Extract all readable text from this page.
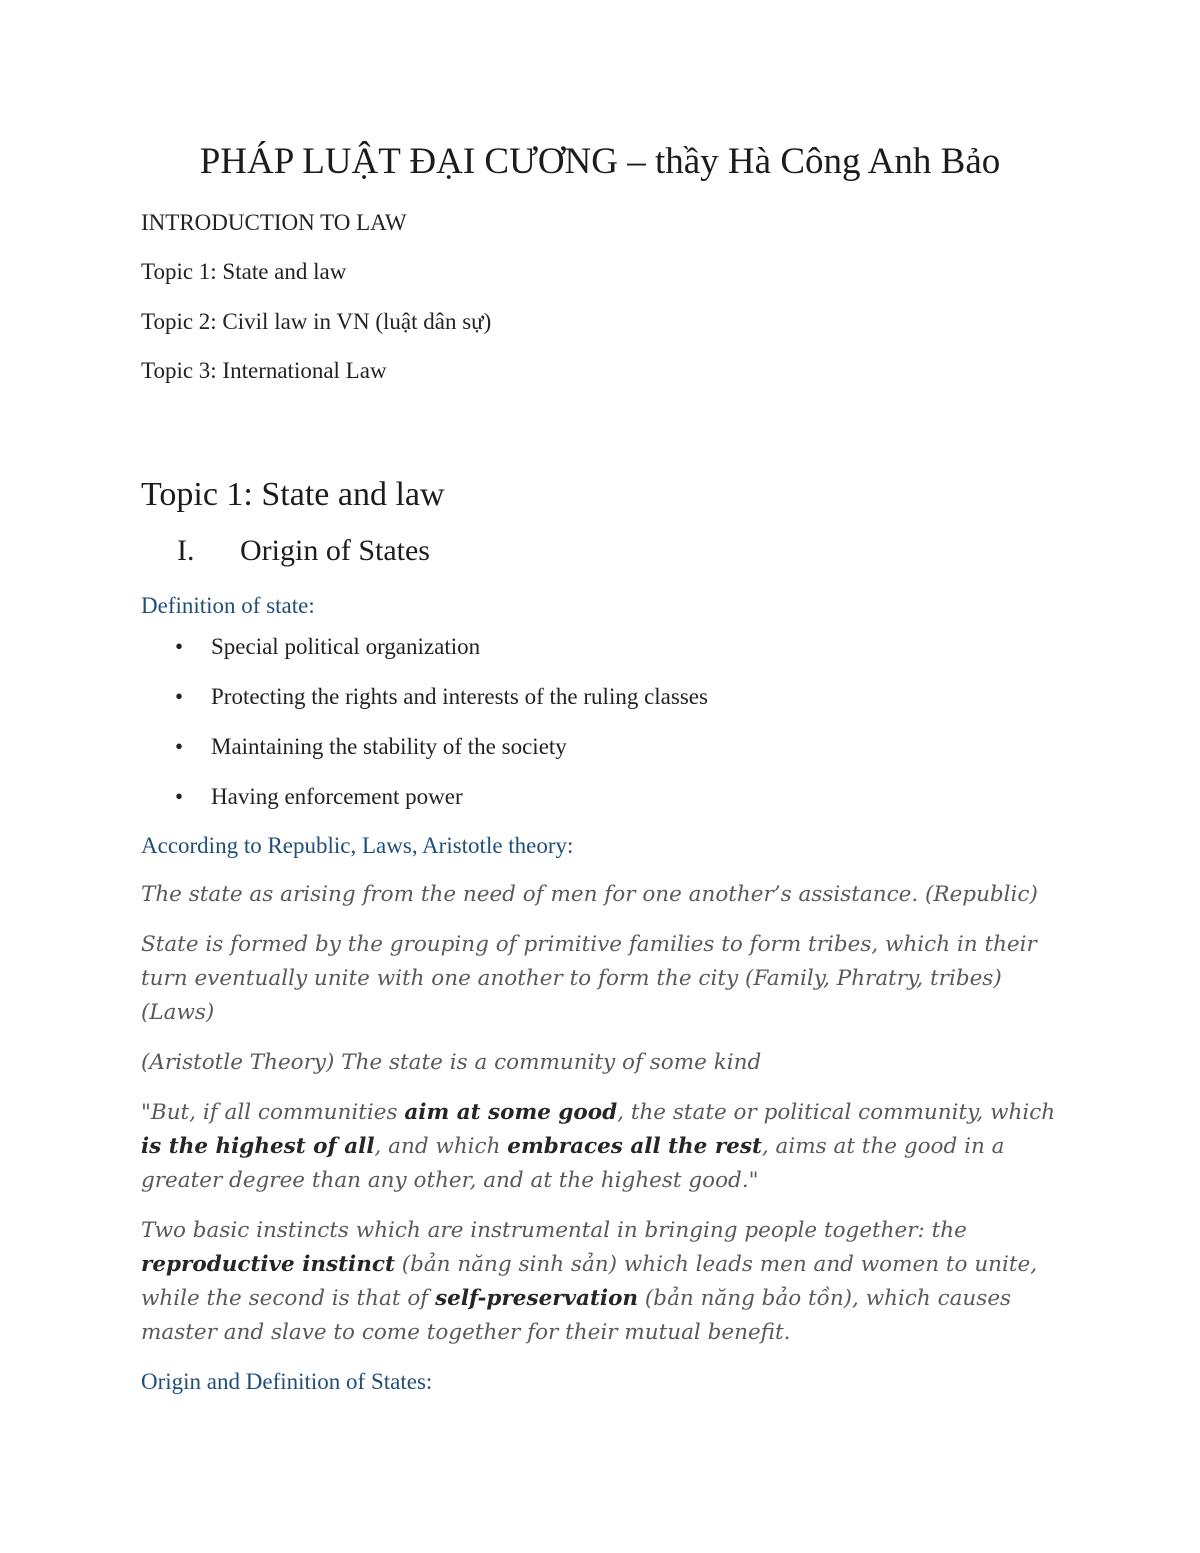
PHÁP LUẬT ĐẠI CƯƠNG – thầy Hà Công Anh Bảo
INTRODUCTION TO LAW
Topic 1: State and law
Topic 2: Civil law in VN (luật dân sự)
Topic 3: International Law
Topic 1: State and law
I. Origin of States
Definition of state:
• Special political organization
• Protecting the rights and interests of the ruling classes
• Maintaining the stability of the society
• Having enforcement power
According to Republic, Laws, Aristotle theory:
The state as arising from the need of men for one another’s assistance. (Republic)
State is formed by the grouping of primitive families to form tribes, which in their turn eventually unite with one another to form the city (Family, Phratry, tribes) (Laws)
(Aristotle Theory) The state is a community of some kind
"But, if all communities aim at some good, the state or political community, which is the highest of all, and which embraces all the rest, aims at the good in a greater degree than any other, and at the highest good."
Two basic instincts which are instrumental in bringing people together: the reproductive instinct (bản năng sinh sản) which leads men and women to unite, while the second is that of self-preservation (bản năng bảo tồn), which causes master and slave to come together for their mutual benefit.
Origin and Definition of States:
